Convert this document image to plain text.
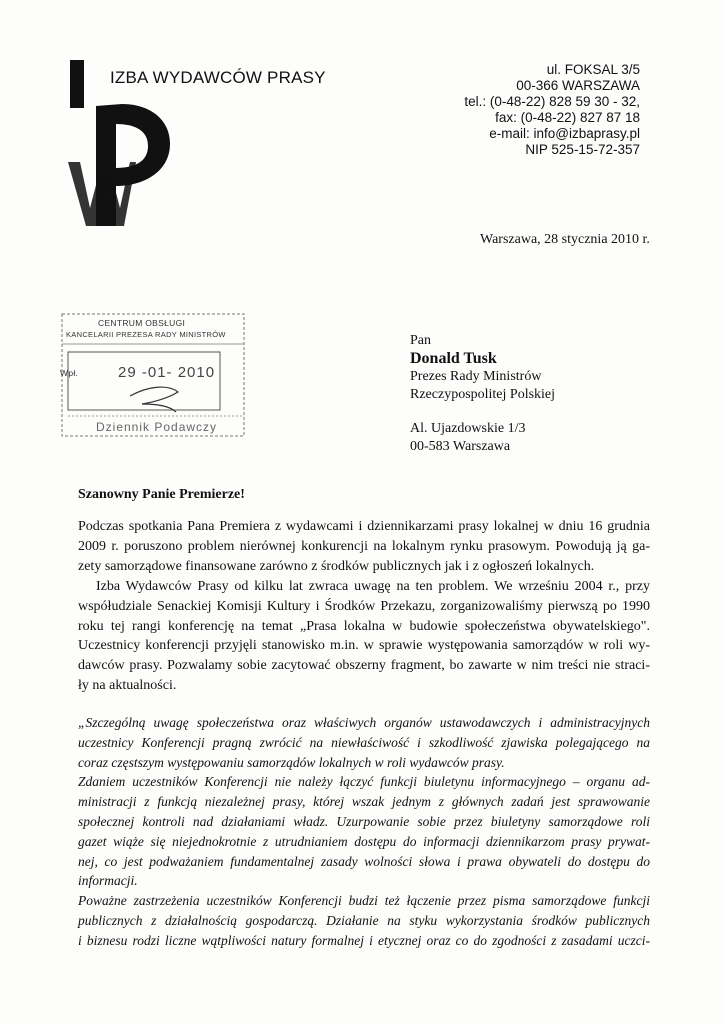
IZBA WYDAWCÓW PRASY	ul. FOKSAL 3/5
00-366 WARSZAWA
tel.: (0-48-22) 828 59 30 - 32,
fax: (0-48-22) 827 87 18
e-mail: info@izbaprasy.pl
NIP 525-15-72-357
Warszawa, 28 stycznia 2010 r.
CENTRUM OBSŁUGI
KANCELARII PREZESA RADY MINISTRÓW
Wpł.	29 -01- 2010
Dziennik Podawczy
Pan
Donald Tusk
Prezes Rady Ministrów
Rzeczypospolitej Polskiej
Al. Ujazdowskie 1/3
00-583 Warszawa
Szanowny Panie Premierze!
Podczas spotkania Pana Premiera z wydawcami i dziennikarzami prasy lokalnej w dniu 16 grudnia
2009 r. poruszono problem nierównej konkurencji na lokalnym rynku prasowym. Powodują ją ga-
zety samorządowe finansowane zarówno z środków publicznych jak i z ogłoszeń lokalnych.
Izba Wydawców Prasy od kilku lat zwraca uwagę na ten problem. We wrześniu 2004 r., przy
współudziale Senackiej Komisji Kultury i Środków Przekazu, zorganizowaliśmy pierwszą po 1990
roku tej rangi konferencję na temat „Prasa lokalna w budowie społeczeństwa obywatelskiego".
Uczestnicy konferencji przyjęli stanowisko m.in. w sprawie występowania samorządów w roli wy-
dawców prasy. Pozwalamy sobie zacytować obszerny fragment, bo zawarte w nim treści nie straci-
ły na aktualności.
„Szczególną uwagę społeczeństwa oraz właściwych organów ustawodawczych i administracyjnych
uczestnicy Konferencji pragną zwrócić na niewłaściwość i szkodliwość zjawiska polegającego na
coraz częstszym występowaniu samorządów lokalnych w roli wydawców prasy.
Zdaniem uczestników Konferencji nie należy łączyć funkcji biuletynu informacyjnego – organu ad-
ministracji z funkcją niezależnej prasy, której wszak jednym z głównych zadań jest sprawowanie
społecznej kontroli nad działaniami władz. Uzurpowanie sobie przez biuletyny samorządowe roli
gazet wiąże się niejednokrotnie z utrudnianiem dostępu do informacji dziennikarzom prasy prywat-
nej, co jest podważaniem fundamentalnej zasady wolności słowa i prawa obywateli do dostępu do
informacji.
Poważne zastrzeżenia uczestników Konferencji budzi też łączenie przez pisma samorządowe funkcji
publicznych z działalnością gospodarczą. Działanie na styku wykorzystania środków publicznych
i biznesu rodzi liczne wątpliwości natury formalnej i etycznej oraz co do zgodności z zasadami uczci-
